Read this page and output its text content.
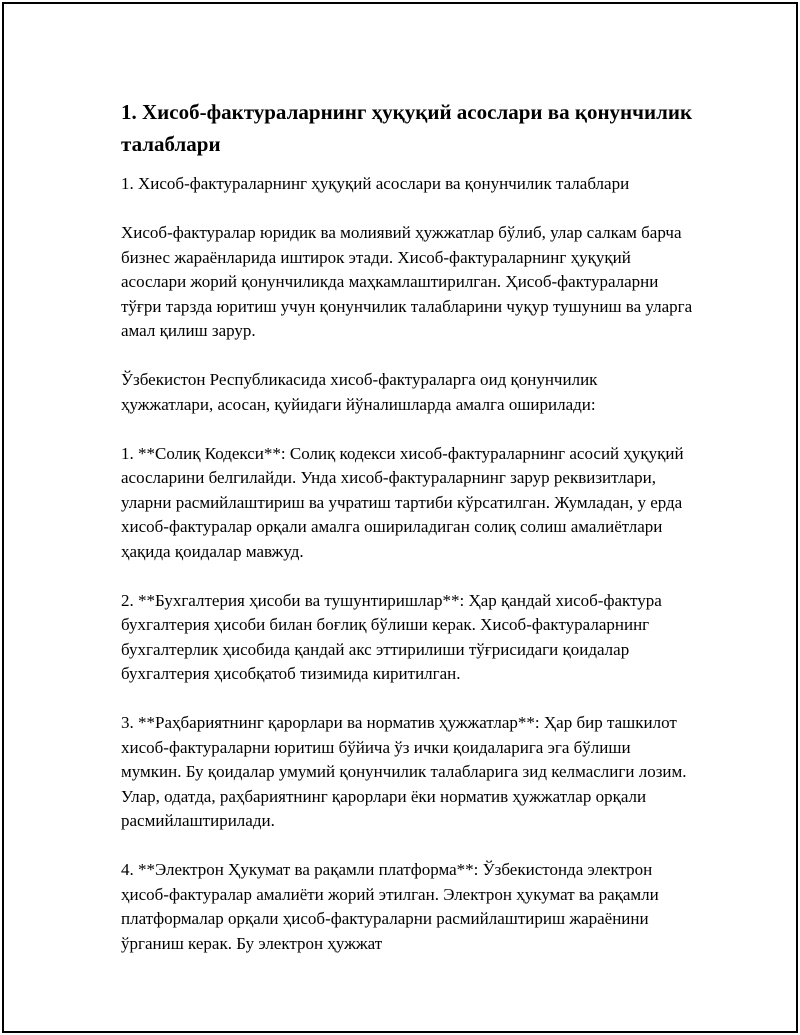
1. Хисоб-фактураларнинг ҳуқуқий асослари ва қонунчилик талаблари

1. Хисоб-фактураларнинг ҳуқуқий асослари ва қонунчилик талаблари

Хисоб-фактуралар юридик ва молиявий ҳужжатлар бўлиб, улар салкам барча бизнес жараёнларида иштирок этади. Хисоб-фактураларнинг ҳуқуқий асослари жорий қонунчиликда маҳкамлаштирилган. Ҳисоб-фактураларни тўғри тарзда юритиш учун қонунчилик талабларини чуқур тушуниш ва уларга амал қилиш зарур.

Ўзбекистон Республикасида хисоб-фактураларга оид қонунчилик ҳужжатлари, асосан, қуйидаги йўналишларда амалга оширилади:

1. **Солиқ Кодекси**: Солиқ кодекси хисоб-фактураларнинг асосий ҳуқуқий асосларини белгилайди. Унда хисоб-фактураларнинг зарур реквизитлари, уларни расмийлаштириш ва учратиш тартиби кўрсатилган. Жумладан, у ерда хисоб-фактуралар орқали амалга ошириладиган солиқ солиш амалиётлари ҳақида қоидалар мавжуд.

2. **Бухгалтерия ҳисоби ва тушунтиришлар**: Ҳар қандай хисоб-фактура бухгалтерия ҳисоби билан боғлиқ бўлиши керак. Хисоб-фактураларнинг бухгалтерлик ҳисобида қандай акс эттирилиши тўғрисидаги қоидалар бухгалтерия ҳисобқатоб тизимида киритилган.

3. **Раҳбариятнинг қарорлари ва норматив ҳужжатлар**: Ҳар бир ташкилот хисоб-фактураларни юритиш бўйича ўз ички қоидаларига эга бўлиши мумкин. Бу қоидалар умумий қонунчилик талабларига зид келмаслиги лозим. Улар, одатда, раҳбариятнинг қарорлари ёки норматив ҳужжатлар орқали расмийлаштирилади.

4. **Электрон Ҳукумат ва рақамли платформа**: Ўзбекистонда электрон ҳисоб-фактуралар амалиёти жорий этилган. Электрон ҳукумат ва рақамли платформалар орқали ҳисоб-фактураларни расмийлаштириш жараёнини ўрганиш керак. Бу электрон ҳужжат
